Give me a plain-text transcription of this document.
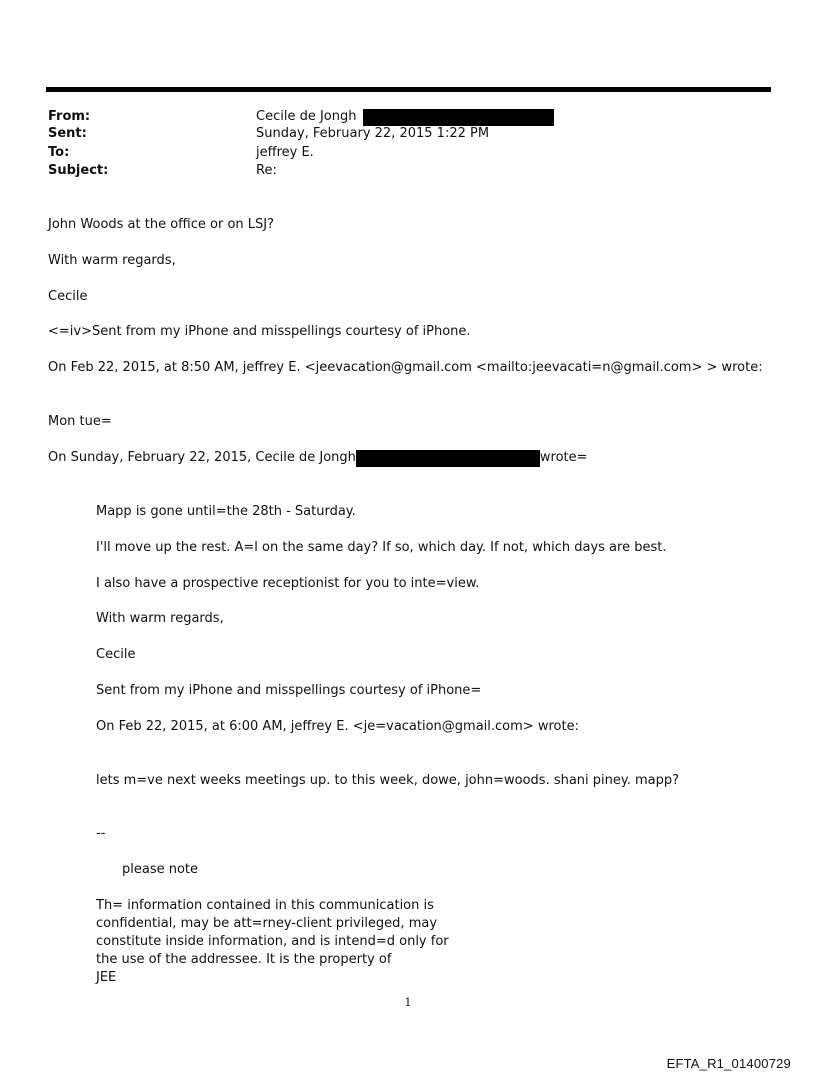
From:	Cecile de Jongh
Sent:	Sunday, February 22, 2015 1:22 PM
To:	jeffrey E.
Subject:	Re:
John Woods at the office or on LSJ?
With warm regards,
Cecile
<=iv>Sent from my iPhone and misspellings courtesy of iPhone.
On Feb 22, 2015, at 8:50 AM, jeffrey E. <jeevacation@gmail.com <mailto:jeevacati=n@gmail.com> > wrote:
Mon tue=
On Sunday, February 22, 2015, Cecile de Jongh	wrote=
Mapp is gone until=the 28th - Saturday.
I'll move up the rest. A=l on the same day? If so, which day. If not, which days are best.
I also have a prospective receptionist for you to inte=view.
With warm regards,
Cecile
Sent from my iPhone and misspellings courtesy of iPhone=
On Feb 22, 2015, at 6:00 AM, jeffrey E. <je=vacation@gmail.com> wrote:
lets m=ve next weeks meetings up. to this week, dowe, john=woods. shani piney. mapp?
--
please note
Th= information contained in this communication is
confidential, may be att=rney-client privileged, may
constitute inside information, and is intend=d only for
the use of the addressee. It is the property of
JEE
1
EFTA_R1_01400729
